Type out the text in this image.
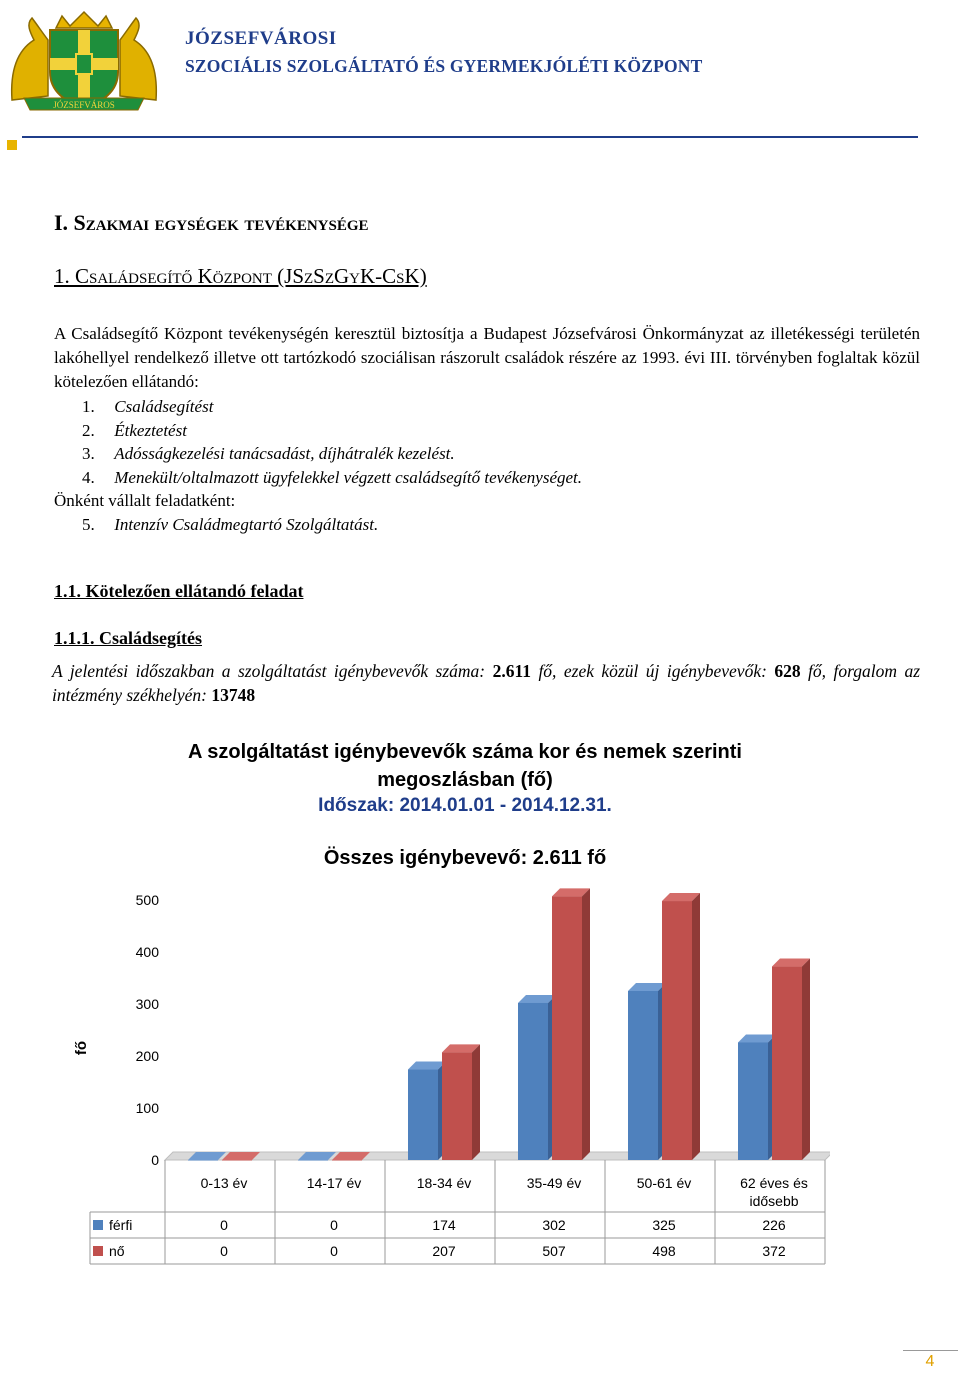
JÓZSEFVÁROS
JÓZSEFVÁROSI
SZOCIÁLIS SZOLGÁLTATÓ ÉS GYERMEKJÓLÉTI KÖZPONT
I. Szakmai egységek tevékenysége
1. Családsegítő Központ (JSzSzGyK-CsK)
A Családsegítő Központ tevékenységén keresztül biztosítja a Budapest Józsefvárosi Önkormányzat az illetékességi területén lakóhellyel rendelkező illetve ott tartózkodó szociálisan rászorult családok részére az 1993. évi III. törvényben foglaltak közül kötelezően ellátandó:
1. Családsegítést
2. Étkeztetést
3. Adósságkezelési tanácsadást, díjhátralék kezelést.
4. Menekült/oltalmazott ügyfelekkel végzett családsegítő tevékenységet.
Önként vállalt feladatként:
5. Intenzív Családmegtartó Szolgáltatást.
1.1. Kötelezően ellátandó feladat
1.1.1. Családsegítés
A jelentési időszakban a szolgáltatást igénybevevők száma: 2.611 fő, ezek közül új igénybevevők: 628 fő, forgalom az intézmény székhelyén: 13748
A szolgáltatást igénybevevők száma kor és nemek szerinti megoszlásban (fő)
Időszak: 2014.01.01 - 2014.12.31.
Összes igénybevevő: 2.611 fő
0
100
200
300
400
500
fő
0-13 év	14-17 év	18-34 év	35-49 év	50-61 év	62 éves és
idősebb
férfi	0	0	174	302	325	226
nő	0	0	207	507	498	372
4
